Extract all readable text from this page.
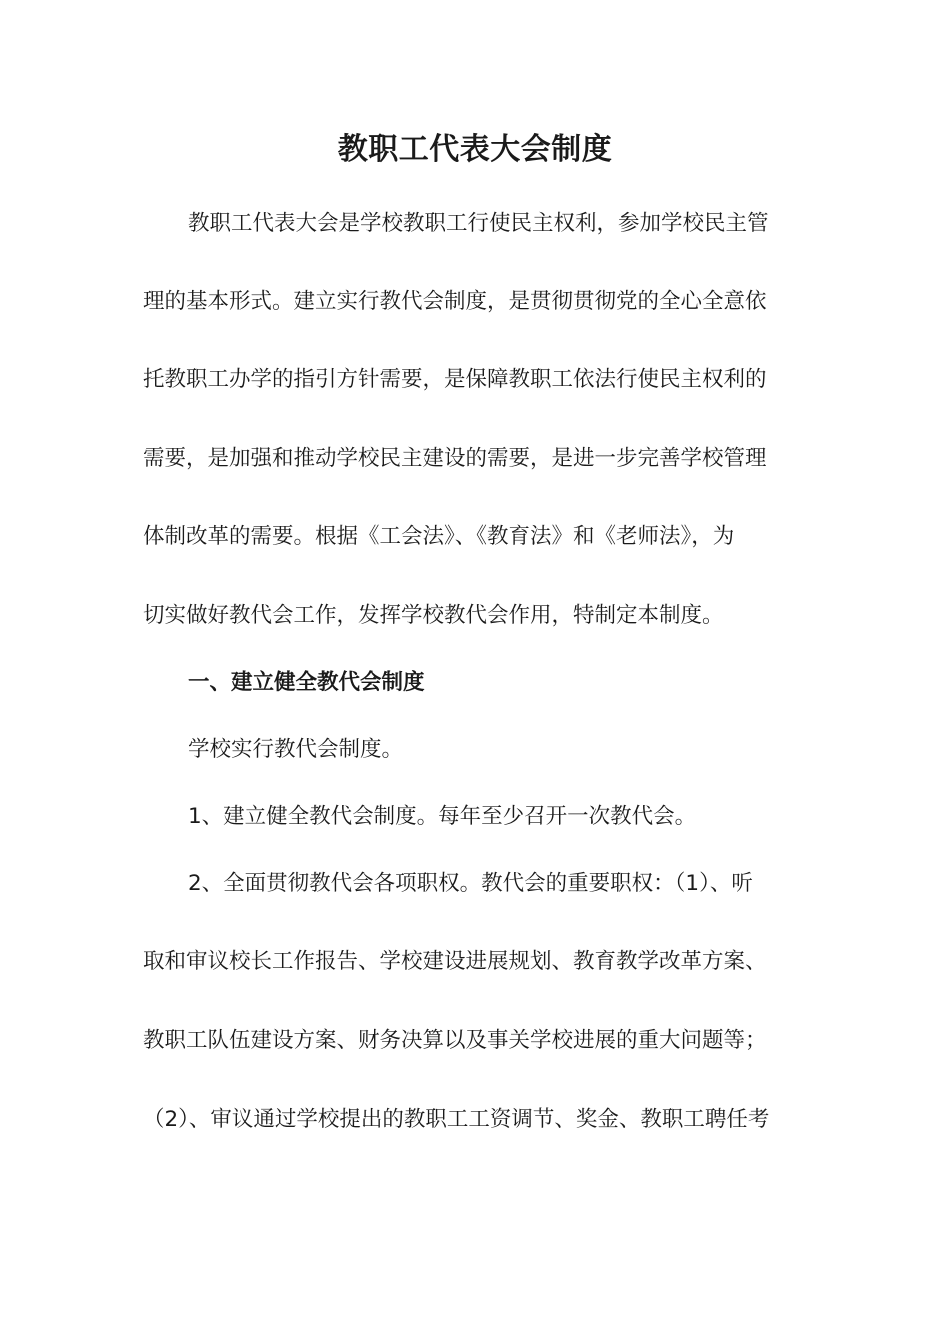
教职工代表大会制度

教职工代表大会是学校教职工行使民主权利，参加学校民主管

理的基本形式。建立实行教代会制度，是贯彻贯彻党的全心全意依

托教职工办学的指引方针需要，是保障教职工依法行使民主权利的

需要，是加强和推动学校民主建设的需要，是进一步完善学校管理

体制改革的需要。根据《工会法》、《教育法》和《老师法》，为

切实做好教代会工作，发挥学校教代会作用，特制定本制度。

一、建立健全教代会制度

学校实行教代会制度。

1、建立健全教代会制度。每年至少召开一次教代会。

2、全面贯彻教代会各项职权。教代会的重要职权：（1）、听

取和审议校长工作报告、学校建设进展规划、教育教学改革方案、

教职工队伍建设方案、财务决算以及事关学校进展的重大问题等；

（2）、审议通过学校提出的教职工工资调节、奖金、教职工聘任考
